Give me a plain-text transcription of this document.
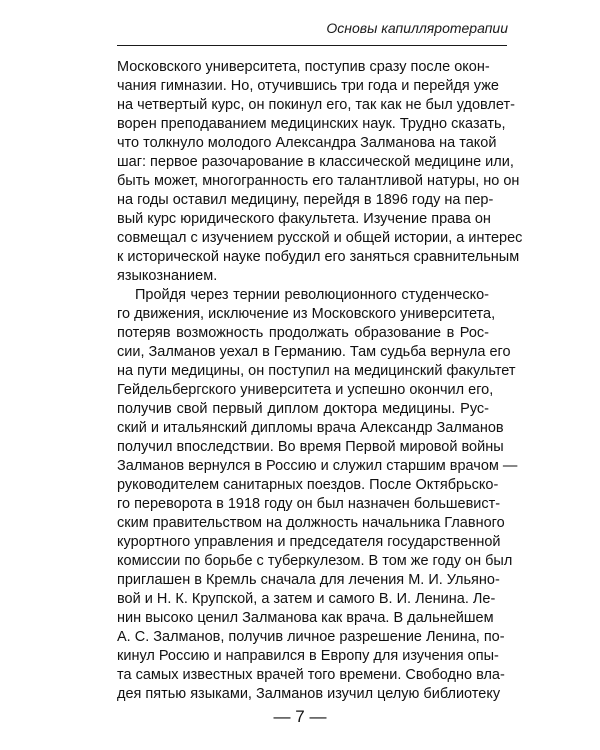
Основы капилляротерапии
Московского университета, поступив сразу после окон-
чания гимназии. Но, отучившись три года и перейдя уже
на четвертый курс, он покинул его, так как не был удовлет-
ворен преподаванием медицинских наук. Трудно сказать,
что толкнуло молодого Александра Залманова на такой
шаг: первое разочарование в классической медицине или,
быть может, многогранность его талантливой натуры, но он
на годы оставил медицину, перейдя в 1896 году на пер-
вый курс юридического факультета. Изучение права он
совмещал с изучением русской и общей истории, а интерес
к исторической науке побудил его заняться сравнительным
языкознанием.
Пройдя через тернии революционного студенческо-
го движения, исключение из Московского университета,
потеряв возможность продолжать образование в Рос-
сии, Залманов уехал в Германию. Там судьба вернула его
на пути медицины, он поступил на медицинский факультет
Гейдельбергского университета и успешно окончил его,
получив свой первый диплом доктора медицины. Рус-
ский и итальянский дипломы врача Александр Залманов
получил впоследствии. Во время Первой мировой войны
Залманов вернулся в Россию и служил старшим врачом —
руководителем санитарных поездов. После Октябрьско-
го переворота в 1918 году он был назначен большевист-
ским правительством на должность начальника Главного
курортного управления и председателя государственной
комиссии по борьбе с туберкулезом. В том же году он был
приглашен в Кремль сначала для лечения М. И. Ульяно-
вой и Н. К. Крупской, а затем и самого В. И. Ленина. Ле-
нин высоко ценил Залманова как врача. В дальнейшем
А. С. Залманов, получив личное разрешение Ленина, по-
кинул Россию и направился в Европу для изучения опы-
та самых известных врачей того времени. Свободно вла-
дея пятью языками, Залманов изучил целую библиотеку
— 7 —
